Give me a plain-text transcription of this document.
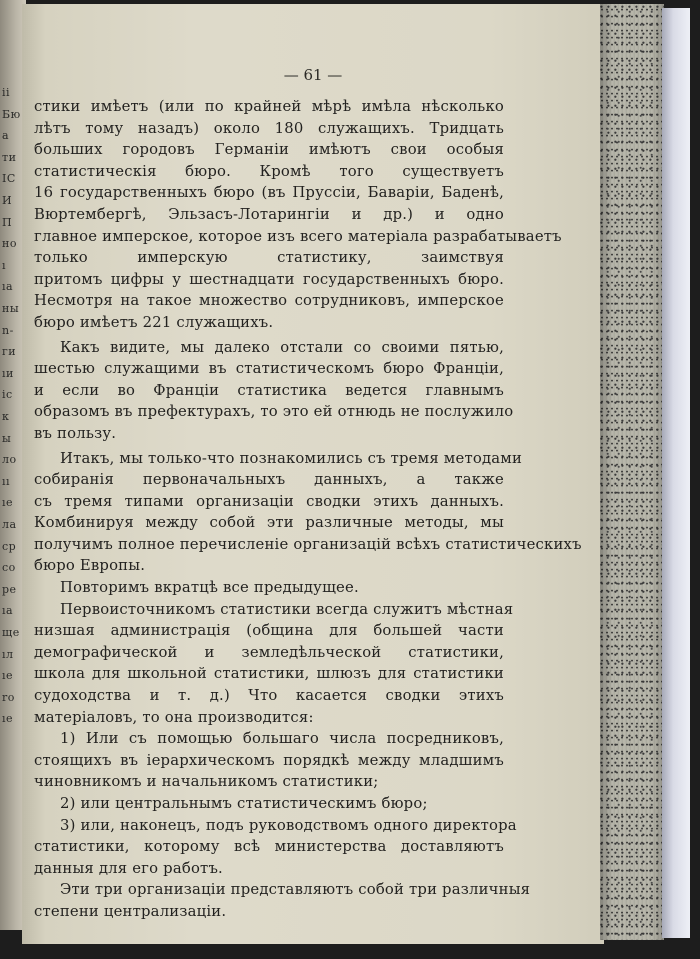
ii
Бю
a
ти
IC
И
П
но
ı
ıа
ны
n-
ги
ıи
ic
к
ы
ло
ıı
ıе
ла
ср
со
ре
ıа
ще
ıл
ıе
ro
ıе
— 61 —
стики имѣетъ (или по крайней мѣрѣ имѣла нѣсколько
лѣтъ тому назадъ) около 180 служащихъ. Тридцать
больших городовъ Германіи имѣютъ свои особыя
статистическія бюро. Кромѣ того существуетъ
16 государственныхъ бюро (въ Пруссіи, Баваріи, Баденѣ,
Вюртембергѣ, Эльзасъ-Лотарингіи и др.) и одно
главное имперское, которое изъ всего матеріала разрабатываетъ
только имперскую статистику, заимствуя
притомъ цифры у шестнадцати государственныхъ бюро.
Несмотря на такое множество сотрудниковъ, имперское
бюро имѣетъ 221 служащихъ.
Какъ видите, мы далеко отстали со своими пятью,
шестью служащими въ статистическомъ бюро Франціи,
и если во Франціи статистика ведется главнымъ
образомъ въ префектурахъ, то это ей отнюдь не послужило
въ пользу.
Итакъ, мы только-что познакомились съ тремя методами
собиранія первоначальныхъ данныхъ, а также
съ тремя типами организаціи сводки этихъ данныхъ.
Комбинируя между собой эти различные методы, мы
получимъ полное перечисленіе организацій всѣхъ статистическихъ
бюро Европы.
Повторимъ вкратцѣ все предыдущее.
Первоисточникомъ статистики всегда служитъ мѣстная
низшая администрація (община для большей части
демографической и земледѣльческой статистики,
школа для школьной статистики, шлюзъ для статистики
судоходства и т. д.) Что касается сводки этихъ
матеріаловъ, то она производится:
1) Или съ помощью большаго числа посредниковъ,
стоящихъ въ іерархическомъ порядкѣ между младшимъ
чиновникомъ и начальникомъ статистики;
2) или центральнымъ статистическимъ бюро;
3) или, наконецъ, подъ руководствомъ одного директора
статистики, которому всѣ министерства доставляютъ
данныя для его работъ.
Эти три организаціи представляютъ собой три различныя
степени централизаціи.
